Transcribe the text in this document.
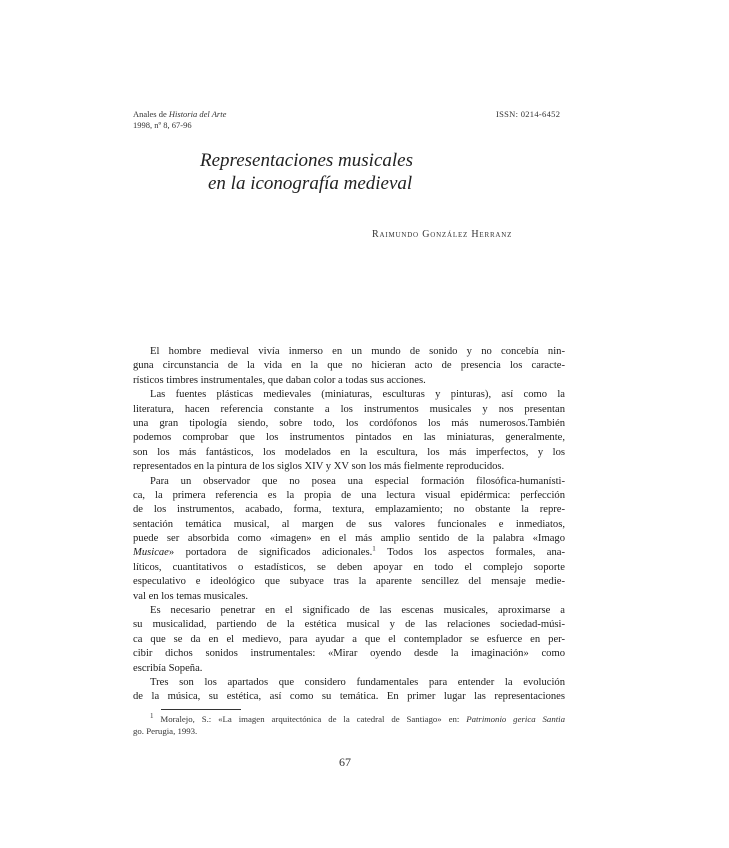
Anales de Historia del Arte
1998, nº 8, 67-96
ISSN: 0214-6452
Representaciones musicales
en la iconografía medieval
Raimundo González Herranz
El hombre medieval vivía inmerso en un mundo de sonido y no concebía nin-
guna circunstancia de la vida en la que no hicieran acto de presencia los caracte-
rísticos timbres instrumentales, que daban color a todas sus acciones.
Las fuentes plásticas medievales (miniaturas, esculturas y pinturas), así como la
literatura, hacen referencia constante a los instrumentos musicales y nos presentan
una gran tipología siendo, sobre todo, los cordófonos los más numerosos.También
podemos comprobar que los instrumentos pintados en las miniaturas, generalmente,
son los más fantásticos, los modelados en la escultura, los más imperfectos, y los
representados en la pintura de los siglos XIV y XV son los más fielmente reproducidos.
Para un observador que no posea una especial formación filosófica-humanísti-
ca, la primera referencia es la propia de una lectura visual epidérmica: perfección
de los instrumentos, acabado, forma, textura, emplazamiento; no obstante la repre-
sentación temática musical, al margen de sus valores funcionales e inmediatos,
puede ser absorbida como «imagen» en el más amplio sentido de la palabra «Imago
Musicae» portadora de significados adicionales.$^1$ Todos los aspectos formales, ana-
líticos, cuantitativos o estadísticos, se deben apoyar en todo el complejo soporte
especulativo e ideológico que subyace tras la aparente sencillez del mensaje medie-
val en los temas musicales.
Es necesario penetrar en el significado de las escenas musicales, aproximarse a
su musicalidad, partiendo de la estética musical y de las relaciones sociedad-músi-
ca que se da en el medievo, para ayudar a que el contemplador se esfuerce en per-
cibir dichos sonidos instrumentales: «Mirar oyendo desde la imaginación» como
escribía Sopeña.
Tres son los apartados que considero fundamentales para entender la evolución
de la música, su estética, así como su temática. En primer lugar las representaciones
$^1$ Moralejo, S.: «La imagen arquitectónica de la catedral de Santiago» en: Patrimonio gerica Santia
go. Perugia, 1993.
67
